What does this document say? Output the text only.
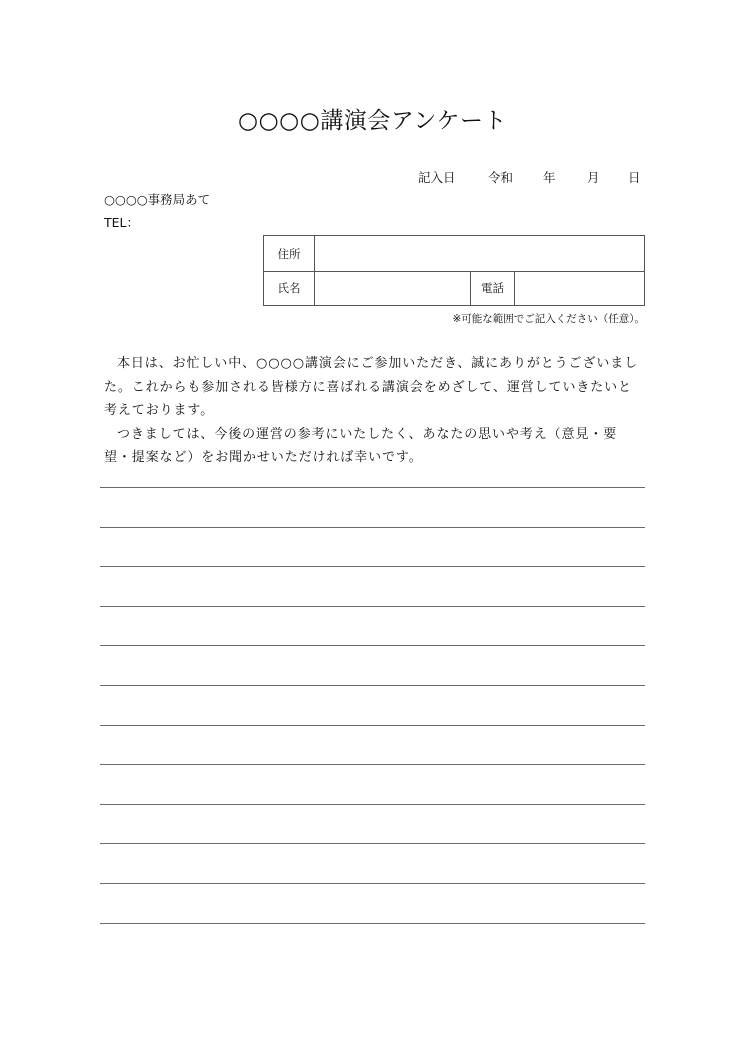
○○○○講演会アンケート
記入日	令和	年	月	日
○○○○事務局あて
TEL：
住所
氏名	電話
※可能な範囲でご記入ください（任意）。

本日は、お忙しい中、○○○○講演会にご参加いただき、誠にありがとうございました。これからも参加される皆様方に喜ばれる講演会をめざして、運営していきたいと考えております。

つきましては、今後の運営の参考にいたしたく、あなたの思いや考え（意見・要望・提案など）をお聞かせいただければ幸いです。
